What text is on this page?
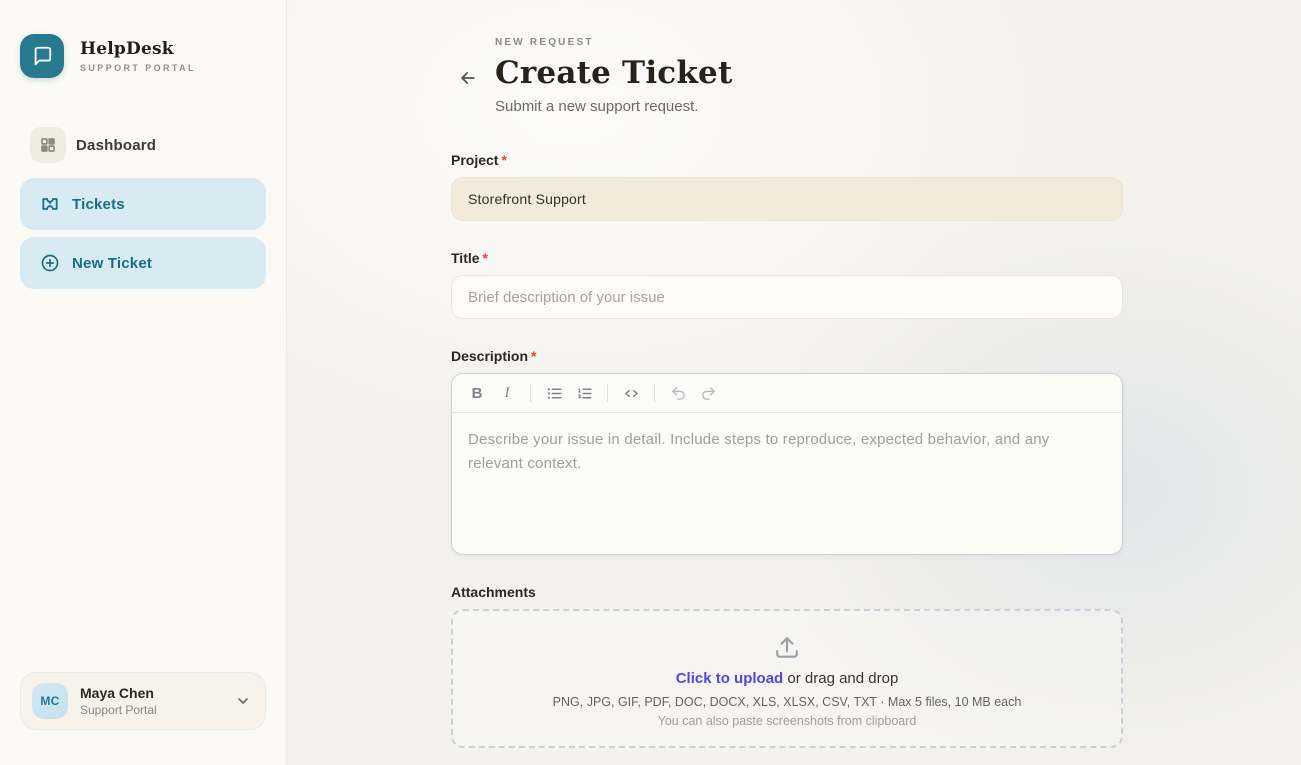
HelpDesk
SUPPORT PORTAL
Dashboard
Tickets
New Ticket
MC	Maya Chen
Support Portal
NEW REQUEST
Create Ticket
Submit a new support request.
Project *
Storefront Support
Title *
Brief description of your issue
Description *
B	I
Describe your issue in detail. Include steps to reproduce, expected behavior, and any relevant context.
Attachments
Click to upload or drag and drop
PNG, JPG, GIF, PDF, DOC, DOCX, XLS, XLSX, CSV, TXT · Max 5 files, 10 MB each
You can also paste screenshots from clipboard
